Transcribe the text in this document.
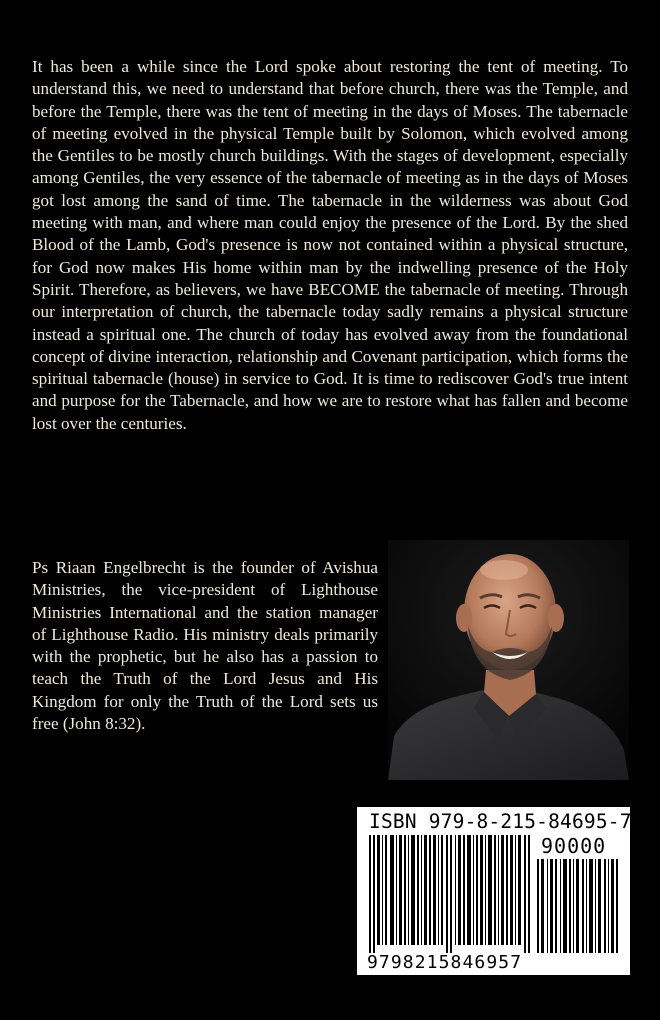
It has been a while since the Lord spoke about restoring the tent of meeting. To understand this, we need to understand that before church, there was the Temple, and before the Temple, there was the tent of meeting in the days of Moses. The tabernacle of meeting evolved in the physical Temple built by Solomon, which evolved among the Gentiles to be mostly church buildings. With the stages of development, especially among Gentiles, the very essence of the tabernacle of meeting as in the days of Moses got lost among the sand of time. The tabernacle in the wilderness was about God meeting with man, and where man could enjoy the presence of the Lord. By the shed Blood of the Lamb, God's presence is now not contained within a physical structure, for God now makes His home within man by the indwelling presence of the Holy Spirit. Therefore, as believers, we have BECOME the tabernacle of meeting. Through our interpretation of church, the tabernacle today sadly remains a physical structure instead a spiritual one. The church of today has evolved away from the foundational concept of divine interaction, relationship and Covenant participation, which forms the spiritual tabernacle (house) in service to God. It is time to rediscover God's true intent and purpose for the Tabernacle, and how we are to restore what has fallen and become lost over the centuries.

Ps Riaan Engelbrecht is the founder of Avishua Ministries, the vice-president of Lighthouse Ministries International and the station manager of Lighthouse Radio. His ministry deals primarily with the prophetic, but he also has a passion to teach the Truth of the Lord Jesus and His Kingdom for only the Truth of the Lord sets us free (John 8:32).

ISBN 979-8-215-84695-7
90000
9798215846957
